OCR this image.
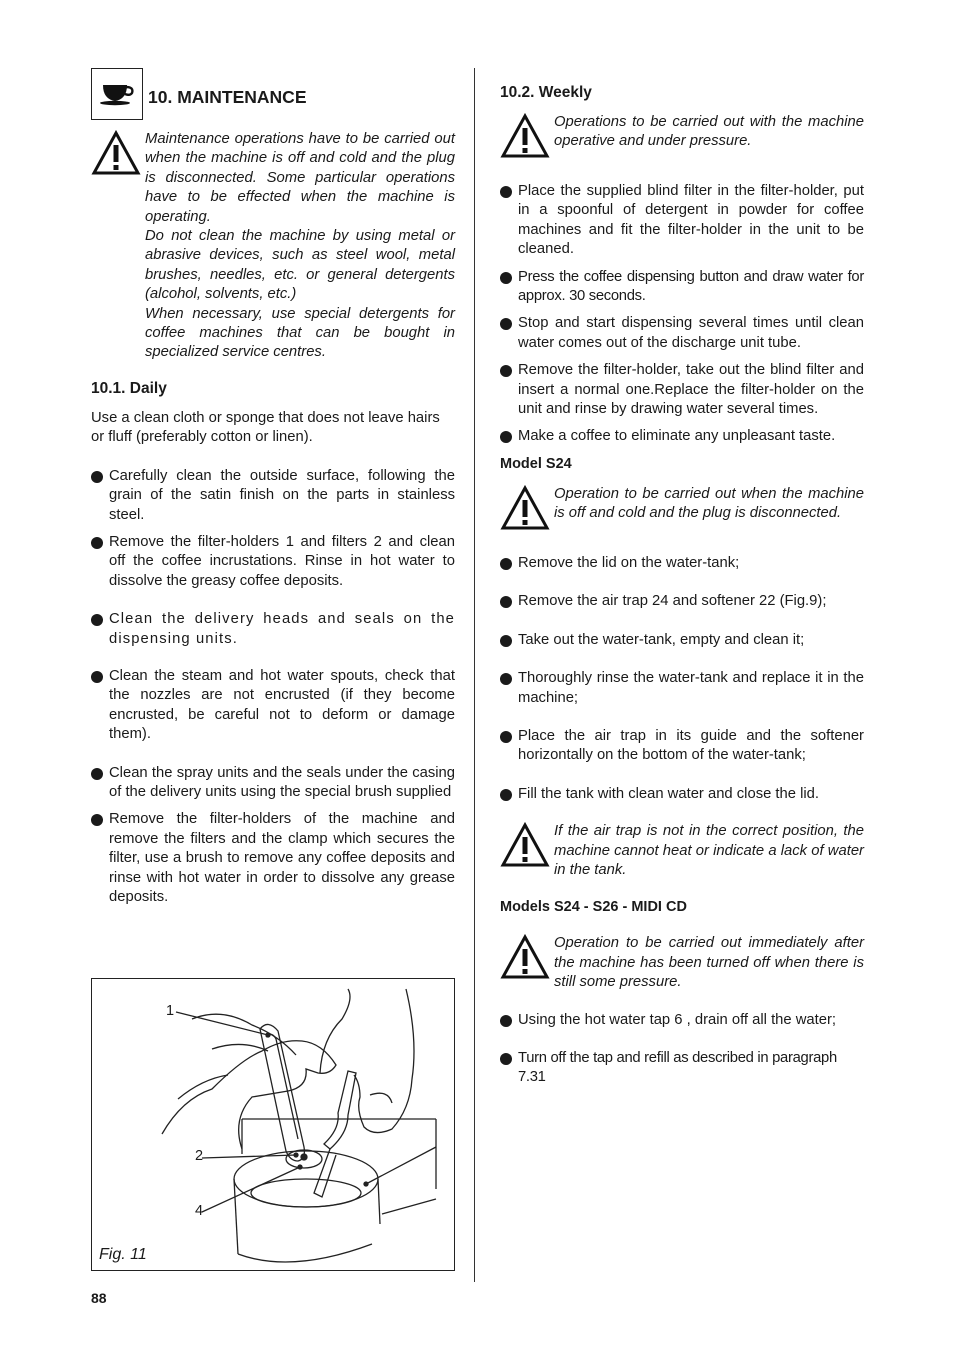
10. MAINTENANCE

Maintenance operations have to be carried out when the machine is off and cold and the plug is disconnected. Some particular operations have to be effected when the machine is operating.

Do not clean the machine by using metal or abrasive devices, such as steel wool, metal brushes, needles, etc. or general detergents (alcohol, solvents, etc.)

When necessary, use special detergents for coffee machines that can be bought in specialized service centres.

10.1. Daily
Use a clean cloth or sponge that does not leave hairs or fluff (preferably cotton or linen).
Carefully clean the outside surface, following the grain of the satin finish on the parts in stainless steel.
Remove the filter-holders 1 and filters 2 and clean off the coffee incrustations. Rinse in hot water to dissolve the greasy coffee deposits.
Clean the delivery heads and seals on the dispensing units.
Clean the steam and hot water spouts, check that the nozzles are not encrusted (if they become encrusted, be careful not to deform or damage them).
Clean the spray units and the seals under the casing of the delivery units using the special brush supplied
Remove the filter-holders of the machine and remove the filters and the clamp which secures the filter, use a brush to remove any coffee deposits and rinse with hot water in order to dissolve any grease deposits.
1
2
4
Fig. 11
10.2. Weekly
Operations to be carried out with the machine operative and under pressure.
Place the supplied blind filter in the filter-holder, put in a spoonful of detergent in powder for coffee machines and fit the filter-holder in the unit to be cleaned.
Press the coffee dispensing button and draw water for approx. 30 seconds.
Stop and start dispensing several times until clean water comes out of the discharge unit tube.
Remove the filter-holder, take out the blind filter and insert a normal one.Replace the filter-holder on the unit and rinse by drawing water several times.
Make a coffee to eliminate any unpleasant taste.
Model S24
Operation to be carried out when the machine is off and cold and the plug is disconnected.
Remove the lid on the water-tank;
Remove the air trap 24 and softener 22 (Fig.9);
Take out the water-tank, empty and clean it;
Thoroughly rinse the water-tank and replace it in the machine;
Place the air trap in its guide and the softener horizontally on the bottom of the water-tank;
Fill the tank with clean water and close the lid.
If the air trap is not in the correct position, the machine cannot heat or indicate a lack of water in the tank.
Models S24 - S26 - MIDI CD
Operation to be carried out immediately after the machine has been turned off when there is still some pressure.
Using the hot water tap 6 , drain off all the water;
Turn off the tap and refill as described in paragraph 7.31
88
